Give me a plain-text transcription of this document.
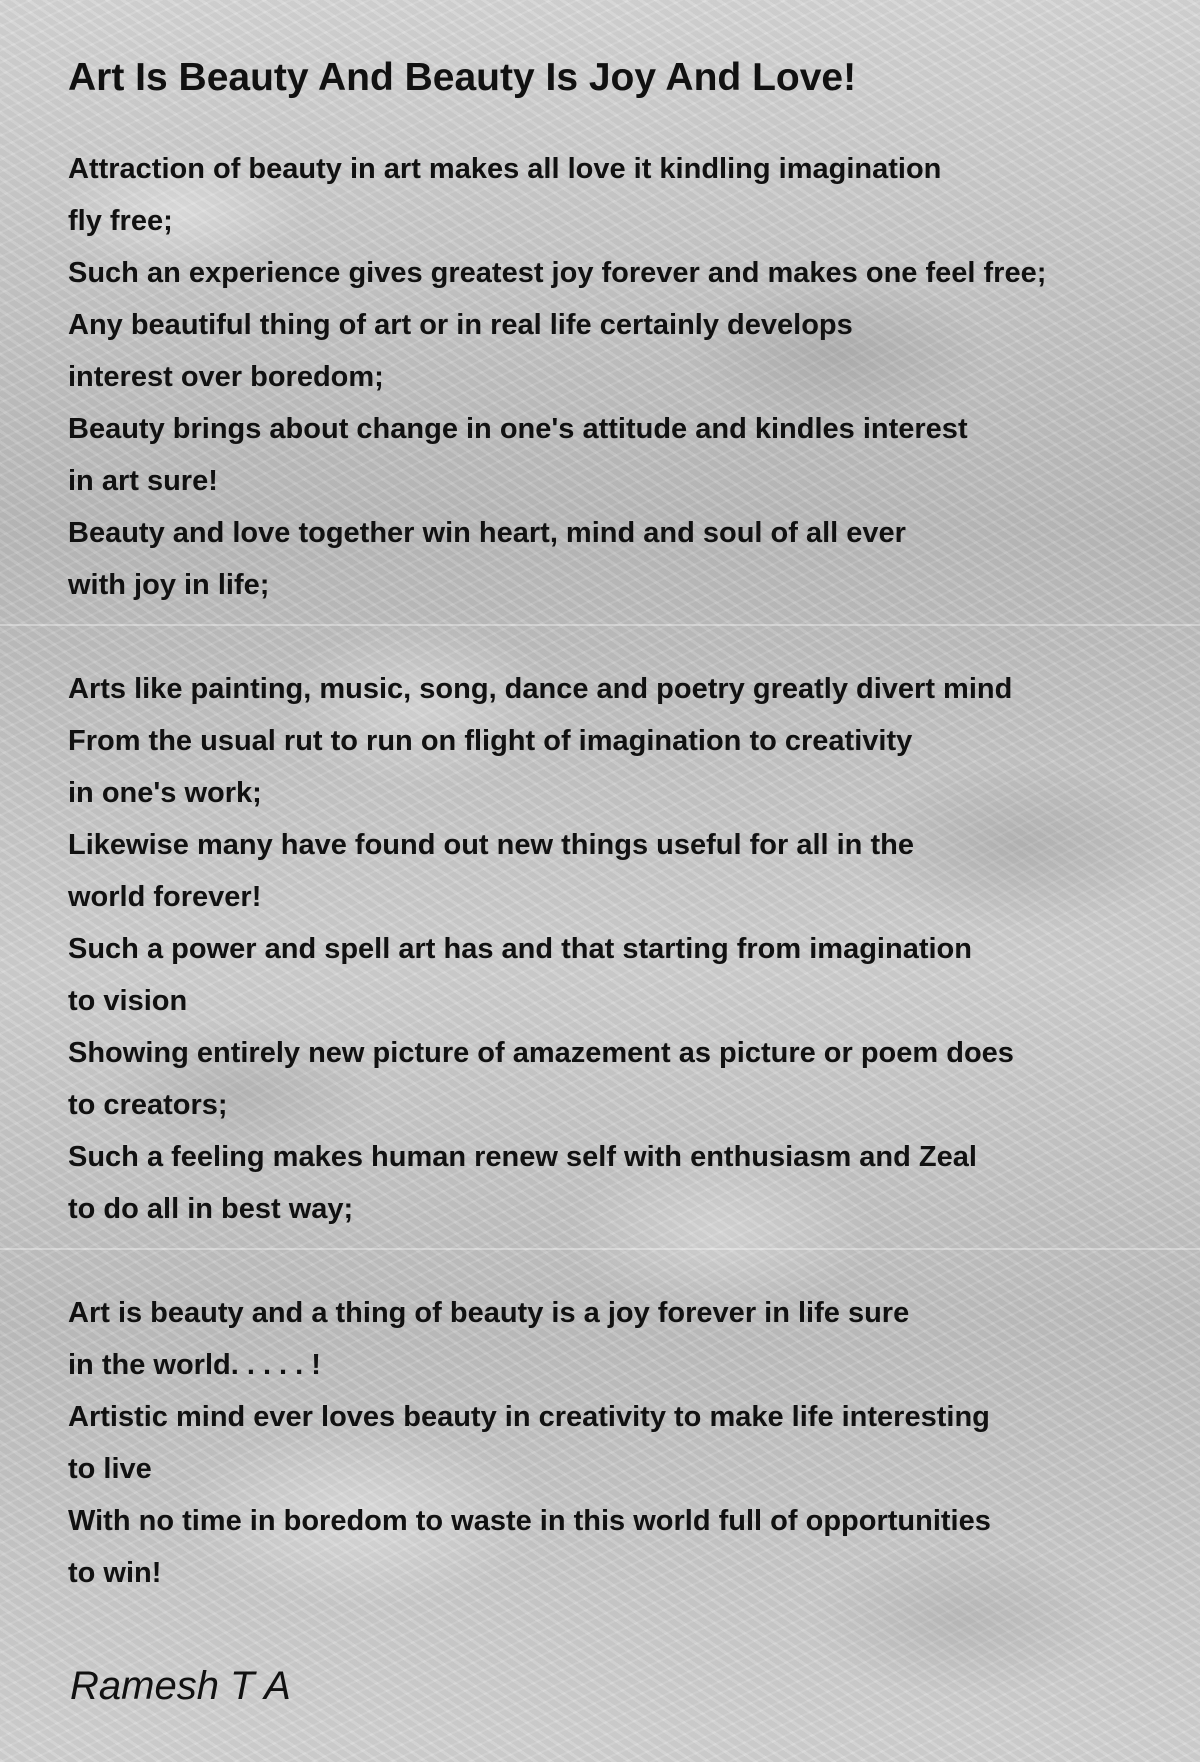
Art Is Beauty And Beauty Is Joy And Love!
Attraction of beauty in art makes all love it kindling imagination
fly free;
Such an experience gives greatest joy forever and makes one feel free;
Any beautiful thing of art or in real life certainly develops
interest over boredom;
Beauty brings about change in one's attitude and kindles interest
in art sure!
Beauty and love together win heart, mind and soul of all ever
with joy in life;
Arts like painting, music, song, dance and poetry greatly divert mind
From the usual rut to run on flight of imagination to creativity
in one's work;
Likewise many have found out new things useful for all in the
world forever!
Such a power and spell art has and that starting from imagination
to vision
Showing entirely new picture of amazement as picture or poem does
to creators;
Such a feeling makes human renew self with enthusiasm and Zeal
to do all in best way;
Art is beauty and a thing of beauty is a joy forever in life sure
in the world. . . . . !
Artistic mind ever loves beauty in creativity to make life interesting
to live
With no time in boredom to waste in this world full of opportunities
to win!
Ramesh T A
